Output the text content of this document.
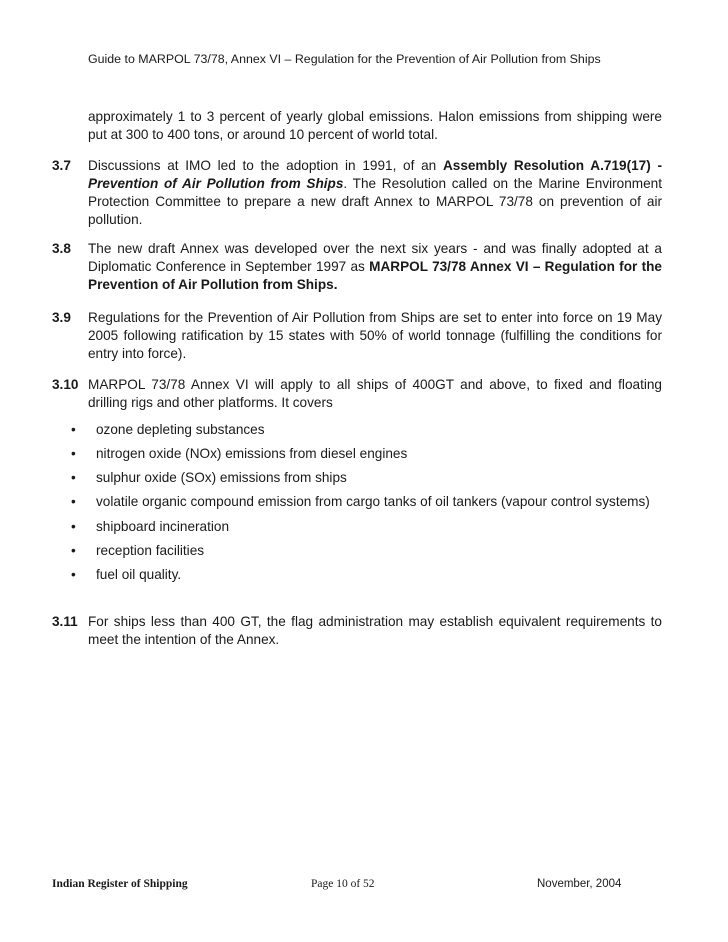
Guide to MARPOL 73/78, Annex VI – Regulation for the Prevention of Air Pollution from Ships

approximately 1 to 3 percent of yearly global emissions. Halon emissions from shipping were put at 300 to 400 tons, or around 10 percent of world total.

3.7	Discussions at IMO led to the adoption in 1991, of an Assembly Resolution A.719(17) - Prevention of Air Pollution from Ships. The Resolution called on the Marine Environment Protection Committee to prepare a new draft Annex to MARPOL 73/78 on prevention of air pollution.

3.8	The new draft Annex was developed over the next six years - and was finally adopted at a Diplomatic Conference in September 1997 as MARPOL 73/78 Annex VI – Regulation for the Prevention of Air Pollution from Ships.

3.9	Regulations for the Prevention of Air Pollution from Ships are set to enter into force on 19 May 2005 following ratification by 15 states with 50% of world tonnage (fulfilling the conditions for entry into force).

3.10 MARPOL 73/78 Annex VI will apply to all ships of 400GT and above, to fixed and floating drilling rigs and other platforms. It covers

• ozone depleting substances
• nitrogen oxide (NOx) emissions from diesel engines
• sulphur oxide (SOx) emissions from ships
• volatile organic compound emission from cargo tanks of oil tankers (vapour control systems)
• shipboard incineration
• reception facilities
• fuel oil quality.
3.11 For ships less than 400 GT, the flag administration may establish equivalent requirements to meet the intention of the Annex.

Indian Register of Shipping	Page 10 of 52	November, 2004
